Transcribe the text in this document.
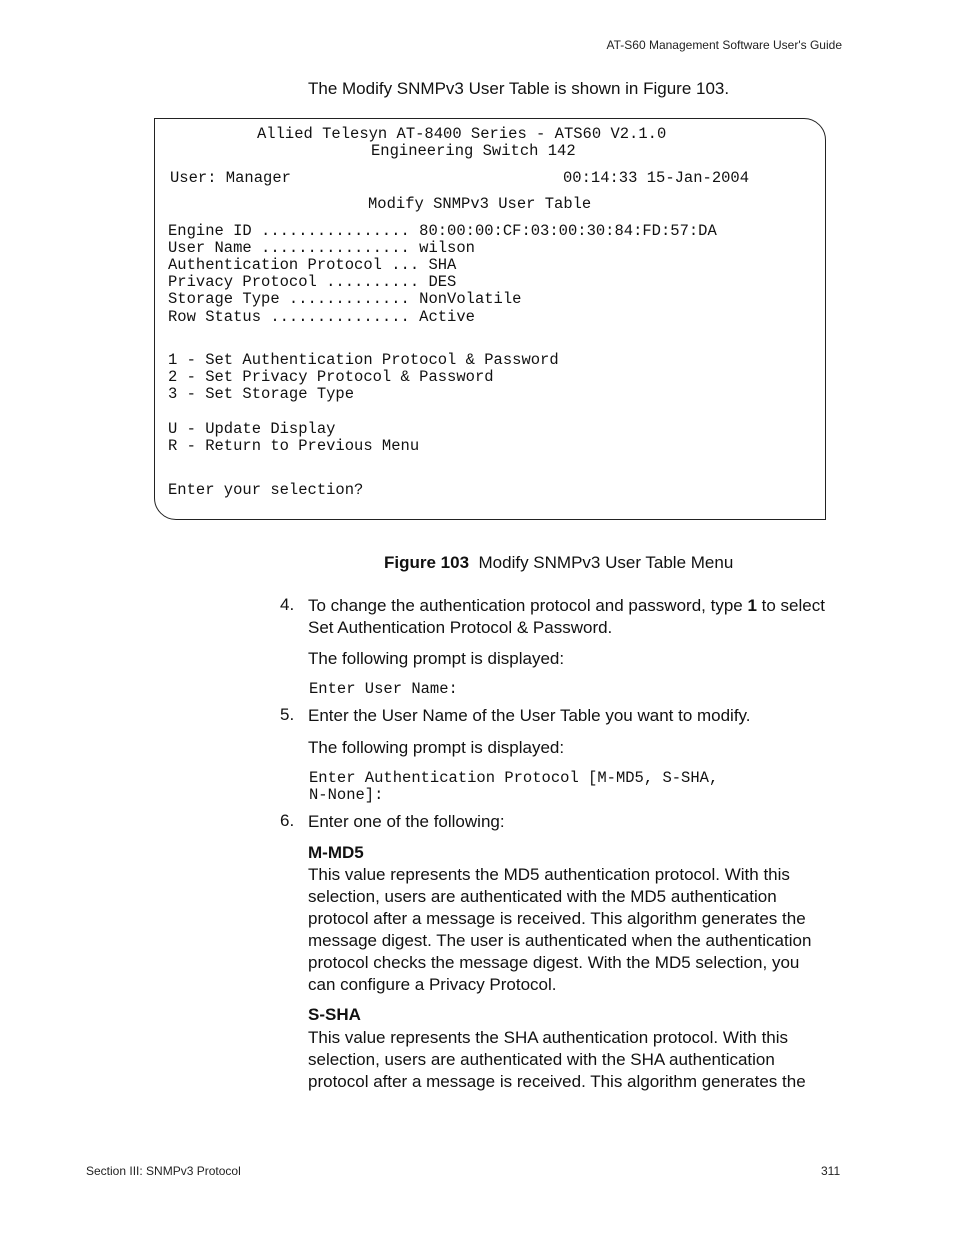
AT-S60 Management Software User's Guide
The Modify SNMPv3 User Table is shown in Figure 103.
Allied Telesyn AT-8400 Series - ATS60 V2.1.0
Engineering Switch 142
User: Manager	00:14:33 15-Jan-2004
Modify SNMPv3 User Table
Engine ID ................ 80:00:00:CF:03:00:30:84:FD:57:DA
User Name ................ wilson
Authentication Protocol ... SHA
Privacy Protocol .......... DES
Storage Type ............. NonVolatile
Row Status ............... Active
1 - Set Authentication Protocol & Password
2 - Set Privacy Protocol & Password
3 - Set Storage Type
U - Update Display
R - Return to Previous Menu
Enter your selection?
Figure 103 Modify SNMPv3 User Table Menu
4. To change the authentication protocol and password, type 1 to select Set Authentication Protocol & Password.
The following prompt is displayed:
Enter User Name:
5. Enter the User Name of the User Table you want to modify.
The following prompt is displayed:
Enter Authentication Protocol [M-MD5, S-SHA,
N-None]:
6. Enter one of the following:
M-MD5
This value represents the MD5 authentication protocol. With this selection, users are authenticated with the MD5 authentication protocol after a message is received. This algorithm generates the message digest. The user is authenticated when the authentication protocol checks the message digest. With the MD5 selection, you can configure a Privacy Protocol.
S-SHA
This value represents the SHA authentication protocol. With this selection, users are authenticated with the SHA authentication protocol after a message is received. This algorithm generates the
Section III: SNMPv3 Protocol	311
